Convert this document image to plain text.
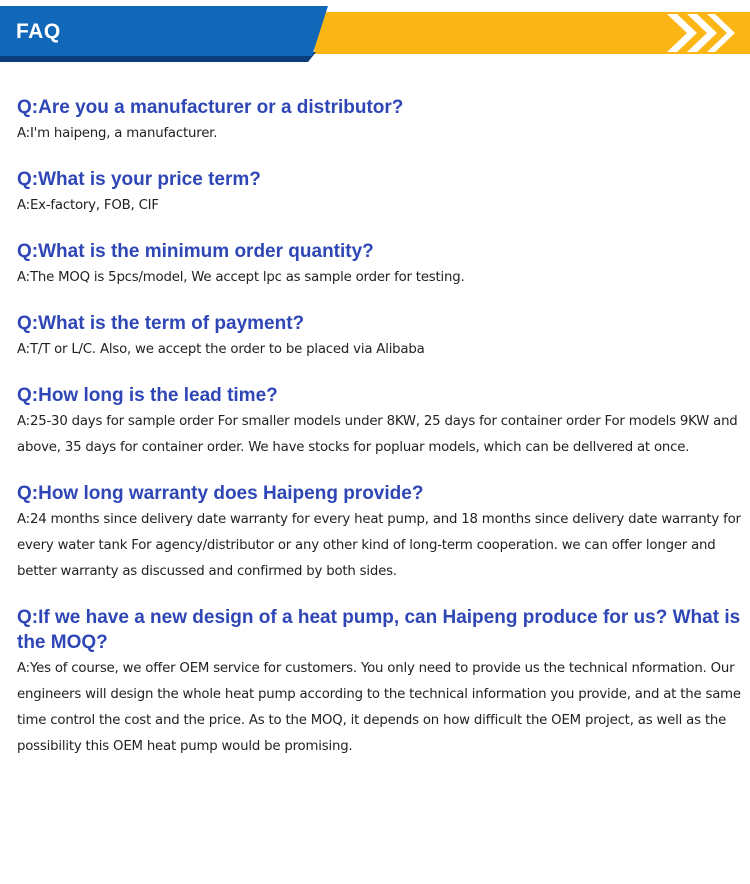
FAQ

Q:Are you a manufacturer or a distributor?

A:I'm haipeng, a manufacturer.

Q:What is your price term?

A:Ex-factory, FOB, CIF

Q:What is the minimum order quantity?

A:The MOQ is 5pcs/model, We accept lpc as sample order for testing.

Q:What is the term of payment?

A:T/T or L/C. Also, we accept the order to be placed via Alibaba

Q:How long is the lead time?

A:25-30 days for sample order For smaller models under 8KW, 25 days for container order For models 9KW and above, 35 days for container order. We have stocks for popluar models, which can be dellvered at once.

Q:How long warranty does Haipeng provide?

A:24 months since delivery date warranty for every heat pump, and 18 months since delivery date warranty for every water tank For agency/distributor or any other kind of long-term cooperation. we can offer longer and better warranty as discussed and confirmed by both sides.

Q:If we have a new design of a heat pump, can Haipeng produce for us? What is the MOQ?

A:Yes of course, we offer OEM service for customers. You only need to provide us the technical nformation. Our engineers will design the whole heat pump according to the technical information you provide, and at the same time control the cost and the price. As to the MOQ, it depends on how difficult the OEM project, as well as the possibility this OEM heat pump would be promising.
